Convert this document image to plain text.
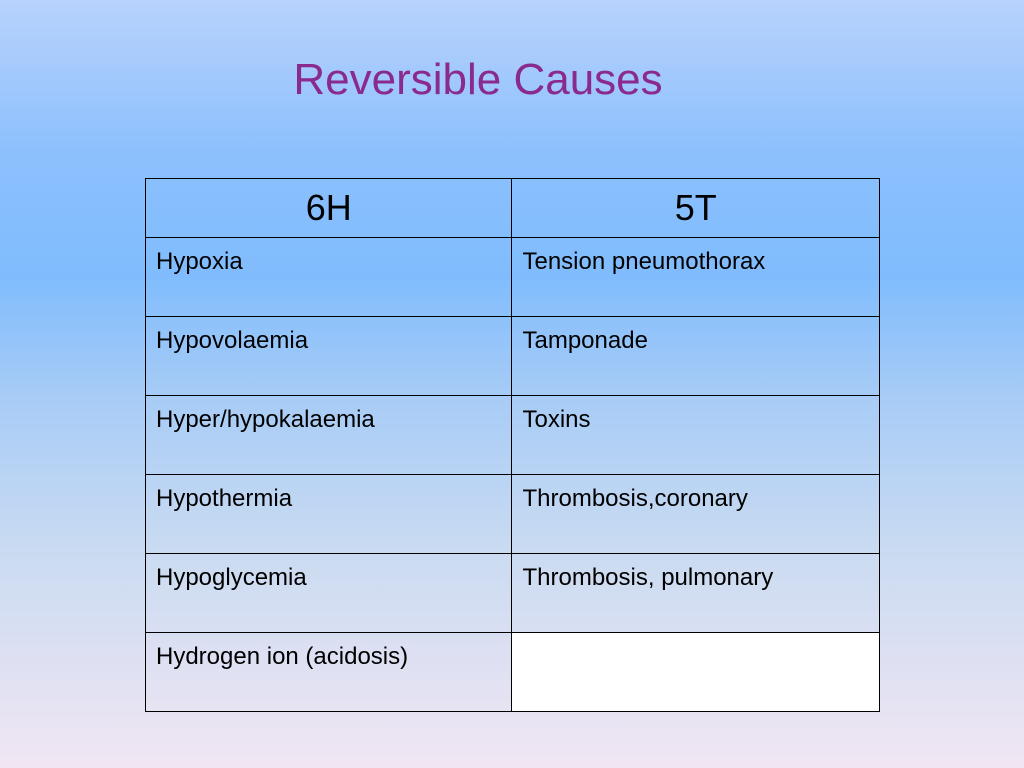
Reversible Causes
6H	5T
Hypoxia	Tension pneumothorax
Hypovolaemia	Tamponade
Hyper/hypokalaemia	Toxins
Hypothermia	Thrombosis,coronary
Hypoglycemia	Thrombosis, pulmonary
Hydrogen ion (acidosis)	
